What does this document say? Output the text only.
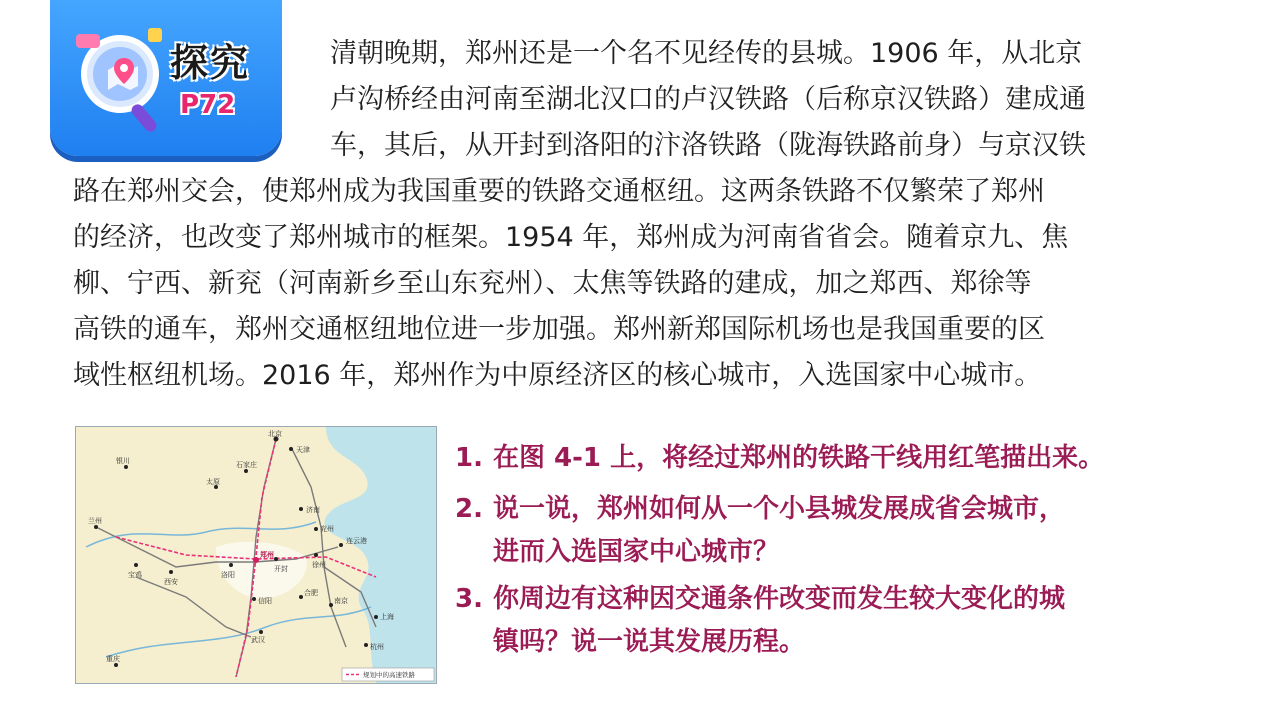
探究
P72
清朝晚期，郑州还是一个名不见经传的县城。1906 年，从北京
卢沟桥经由河南至湖北汉口的卢汉铁路（后称京汉铁路）建成通
车，其后，从开封到洛阳的汴洛铁路（陇海铁路前身）与京汉铁
路在郑州交会，使郑州成为我国重要的铁路交通枢纽。这两条铁路不仅繁荣了郑州
的经济，也改变了郑州城市的框架。1954 年，郑州成为河南省省会。随着京九、焦
柳、宁西、新兖（河南新乡至山东兖州）、太焦等铁路的建成，加之郑西、郑徐等
高铁的通车，郑州交通枢纽地位进一步加强。郑州新郑国际机场也是我国重要的区
域性枢纽机场。2016 年，郑州作为中原经济区的核心城市，入选国家中心城市。
北京
天津
石家庄
太原
银川
兰州
济南
宝鸡
西安
郑州
洛阳
开封
连云港
徐州
南京
上海
杭州
合肥
武汉
信阳
重庆
兖州
规划中的高速铁路
1. 在图 4-1 上，将经过郑州的铁路干线用红笔描出来。
2. 说一说，郑州如何从一个小县城发展成省会城市，
进而入选国家中心城市？
3. 你周边有这种因交通条件改变而发生较大变化的城
镇吗？说一说其发展历程。
